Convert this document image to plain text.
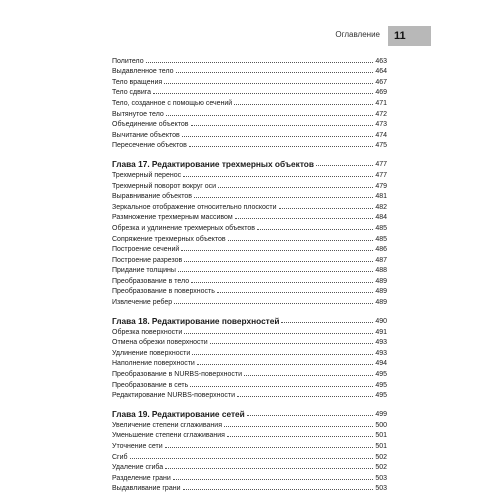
Оглавление	11
Политело	463
Выдавленное тело	464
Тело вращения	467
Тело сдвига	469
Тело, созданное с помощью сечений	471
Вытянутое тело	472
Объединение объектов	473
Вычитание объектов	474
Пересечение объектов	475
Глава 17. Редактирование трехмерных объектов	477
Трехмерный перенос	477
Трехмерный поворот вокруг оси	479
Выравнивание объектов	481
Зеркальное отображение относительно плоскости	482
Размножение трехмерным массивом	484
Обрезка и удлинение трехмерных объектов	485
Сопряжение трехмерных объектов	485
Построение сечений	486
Построение разрезов	487
Придание толщины	488
Преобразование в тело	489
Преобразование в поверхность	489
Извлечение ребер	489
Глава 18. Редактирование поверхностей	490
Обрезка поверхности	491
Отмена обрезки поверхности	493
Удлинение поверхности	493
Наполнение поверхности	494
Преобразование в NURBS-поверхности	495
Преобразование в сеть	495
Редактирование NURBS-поверхности	495
Глава 19. Редактирование сетей	499
Увеличение степени сглаживания	500
Уменьшение степени сглаживания	501
Уточнение сети	501
Сгиб	502
Удаление сгиба	502
Разделение грани	503
Выдавливание грани	503
